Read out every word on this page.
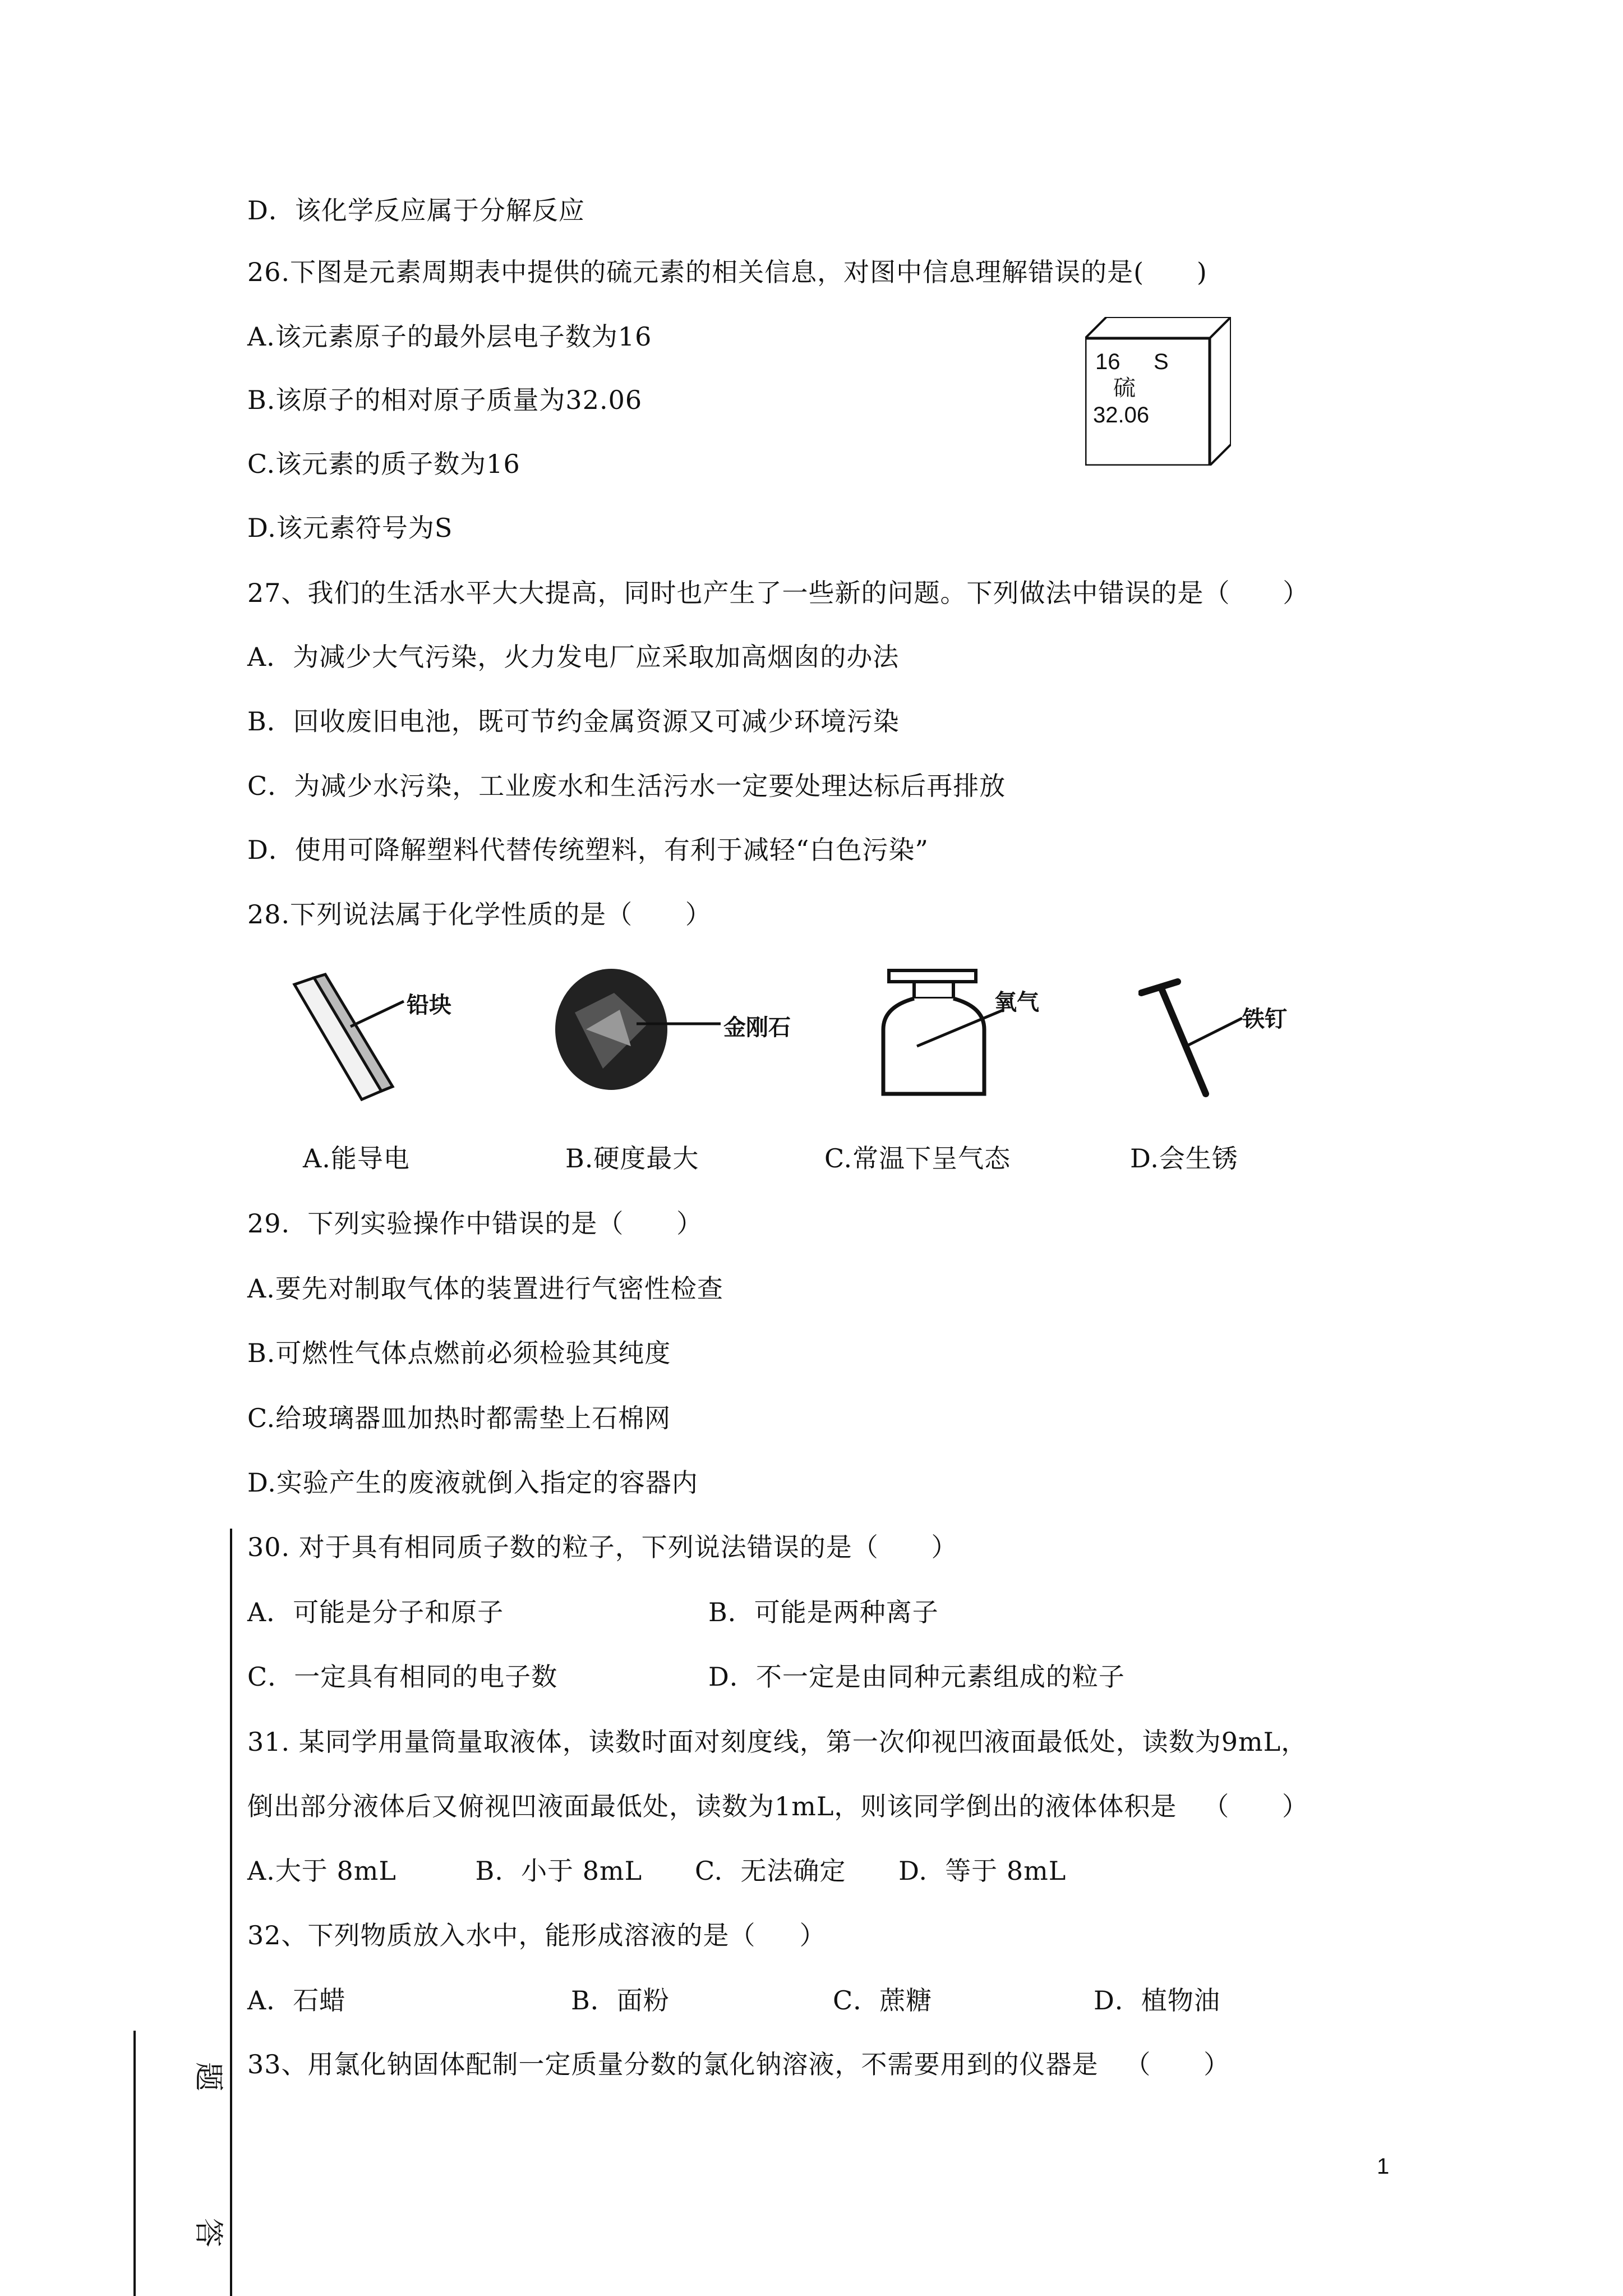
D．该化学反应属于分解反应
26.下图是元素周期表中提供的硫元素的相关信息，对图中信息理解错误的是(      )
A.该元素原子的最外层电子数为16
B.该原子的相对原子质量为32.06
C.该元素的质子数为16
D.该元素符号为S
16 S
硫
32.06
27、我们的生活水平大大提高，同时也产生了一些新的问题。下列做法中错误的是（      ）
A．为减少大气污染，火力发电厂应采取加高烟囱的办法
B．回收废旧电池，既可节约金属资源又可减少环境污染
C．为减少水污染，工业废水和生活污水一定要处理达标后再排放
D．使用可降解塑料代替传统塑料，有利于减轻“白色污染”
28.下列说法属于化学性质的是（      ）
铅块
金刚石
氧气
铁钉
A.能导电	B.硬度最大	C.常温下呈气态	D.会生锈
29.  下列实验操作中错误的是（      ）
A.要先对制取气体的装置进行气密性检查
B.可燃性气体点燃前必须检验其纯度
C.给玻璃器皿加热时都需垫上石棉网
D.实验产生的废液就倒入指定的容器内
30. 对于具有相同质子数的粒子，下列说法错误的是（      ）
A．可能是分子和原子	B．可能是两种离子
C．一定具有相同的电子数	D．不一定是由同种元素组成的粒子
31. 某同学用量筒量取液体，读数时面对刻度线，第一次仰视凹液面最低处，读数为9mL，
倒出部分液体后又俯视凹液面最低处，读数为1mL，则该同学倒出的液体体积是   （      ）
A.大于 8mL         B.  小于 8mL      C.  无法确定      D.  等于 8mL
32、下列物质放入水中，能形成溶液的是（     ）
A．石蜡	B．面粉	C．蔗糖	D．植物油
33、用氯化钠固体配制一定质量分数的氯化钠溶液，不需要用到的仪器是   （      ）
题
答
1
